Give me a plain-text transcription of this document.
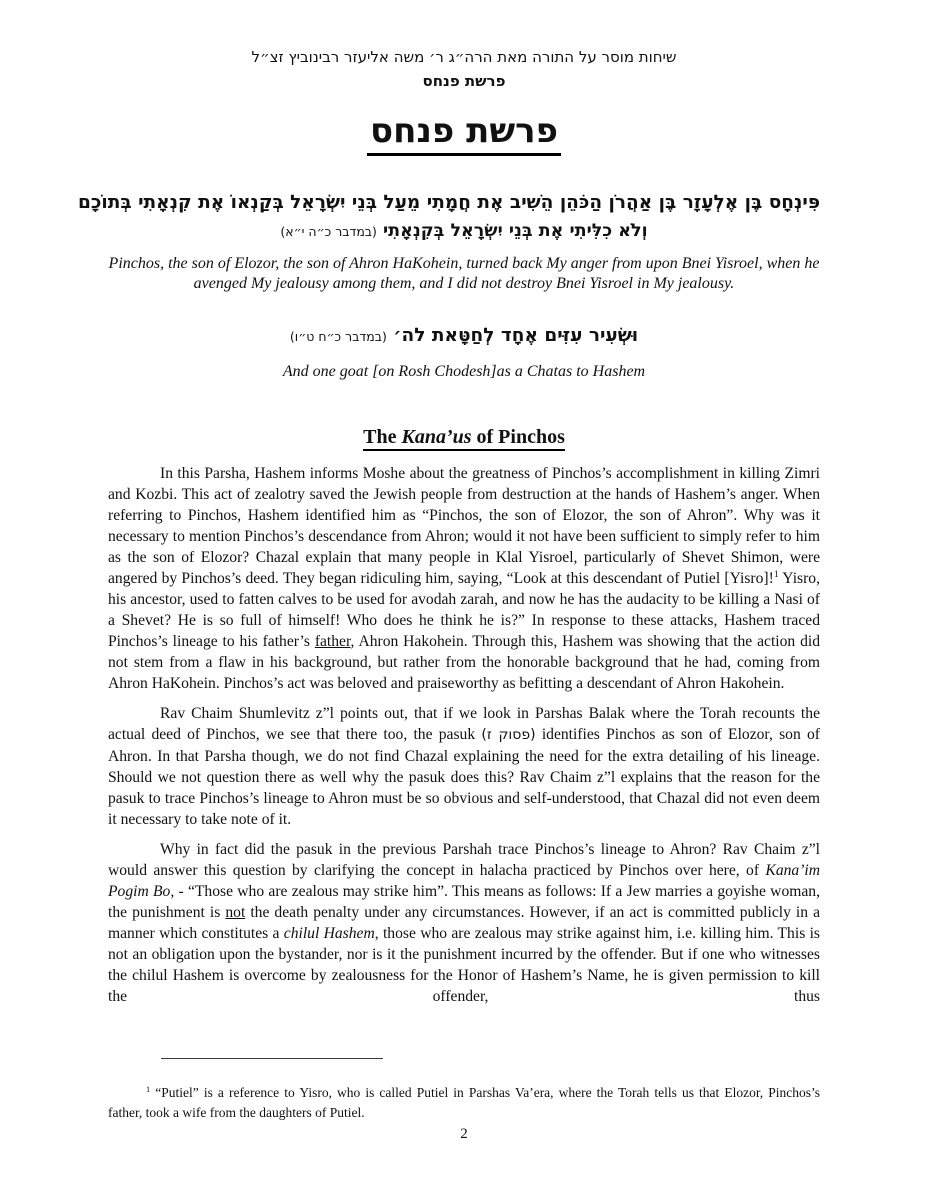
שיחות מוסר על התורה מאת הרה״ג ר׳ משה אליעזר רבינוביץ זצ״ל
פרשת פנחס
פרשת פנחס
פִּינְחָס בֶּן אֶלְעָזָר בֶּן אַהֲרֹן הַכֹּהֵן הֵשִׁיב אֶת חֲמָתִי מֵעַל בְּנֵי יִשְׂרָאֵל בְּקַנְאוֹ אֶת קִנְאָתִי בְּתוֹכָם
וְלֹא כִלִּיתִי אֶת בְּנֵי יִשְׂרָאֵל בְּקִנְאָתִי (במדבר כ״ה י״א)
Pinchos, the son of Elozor, the son of Ahron HaKohein, turned back My anger from upon Bnei Yisroel, when he avenged My jealousy among them, and I did not destroy Bnei Yisroel in My jealousy.
וּשְׂעִיר עִזִּים אֶחָד לְחַטָּאת לה׳ (במדבר כ״ח ט״ו)
And one goat [on Rosh Chodesh]as a Chatas to Hashem
The Kana’us of Pinchos

In this Parsha, Hashem informs Moshe about the greatness of Pinchos’s accomplishment in killing Zimri and Kozbi. This act of zealotry saved the Jewish people from destruction at the hands of Hashem’s anger. When referring to Pinchos, Hashem identified him as “Pinchos, the son of Elozor, the son of Ahron”. Why was it necessary to mention Pinchos’s descendance from Ahron; would it not have been sufficient to simply refer to him as the son of Elozor? Chazal explain that many people in Klal Yisroel, particularly of Shevet Shimon, were angered by Pinchos’s deed. They began ridiculing him, saying, “Look at this descendant of Putiel [Yisro]!$^1$ Yisro, his ancestor, used to fatten calves to be used for avodah zarah, and now he has the audacity to be killing a Nasi of a Shevet? He is so full of himself! Who does he think he is?” In response to these attacks, Hashem traced Pinchos’s lineage to his father’s father, Ahron Hakohein. Through this, Hashem was showing that the action did not stem from a flaw in his background, but rather from the honorable background that he had, coming from Ahron HaKohein. Pinchos’s act was beloved and praiseworthy as befitting a descendant of Ahron Hakohein.

Rav Chaim Shumlevitz z”l points out, that if we look in Parshas Balak where the Torah recounts the actual deed of Pinchos, we see that there too, the pasuk (פסוק ז) identifies Pinchos as son of Elozor, son of Ahron. In that Parsha though, we do not find Chazal explaining the need for the extra detailing of his lineage. Should we not question there as well why the pasuk does this? Rav Chaim z”l explains that the reason for the pasuk to trace Pinchos’s lineage to Ahron must be so obvious and self-understood, that Chazal did not even deem it necessary to take note of it.

Why in fact did the pasuk in the previous Parshah trace Pinchos’s lineage to Ahron? Rav Chaim z”l would answer this question by clarifying the concept in halacha practiced by Pinchos over here, of Kana’im Pogim Bo, - “Those who are zealous may strike him”. This means as follows: If a Jew marries a goyishe woman, the punishment is not the death penalty under any circumstances. However, if an act is committed publicly in a manner which constitutes a chilul Hashem, those who are zealous may strike against him, i.e. killing him. This is not an obligation upon the bystander, nor is it the punishment incurred by the offender. But if one who witnesses the chilul Hashem is overcome by zealousness for the Honor of Hashem’s Name, he is given permission to kill the offender, thus

$^1$ “Putiel” is a reference to Yisro, who is called Putiel in Parshas Va’era, where the Torah tells us that Elozor, Pinchos’s father, took a wife from the daughters of Putiel.

2
